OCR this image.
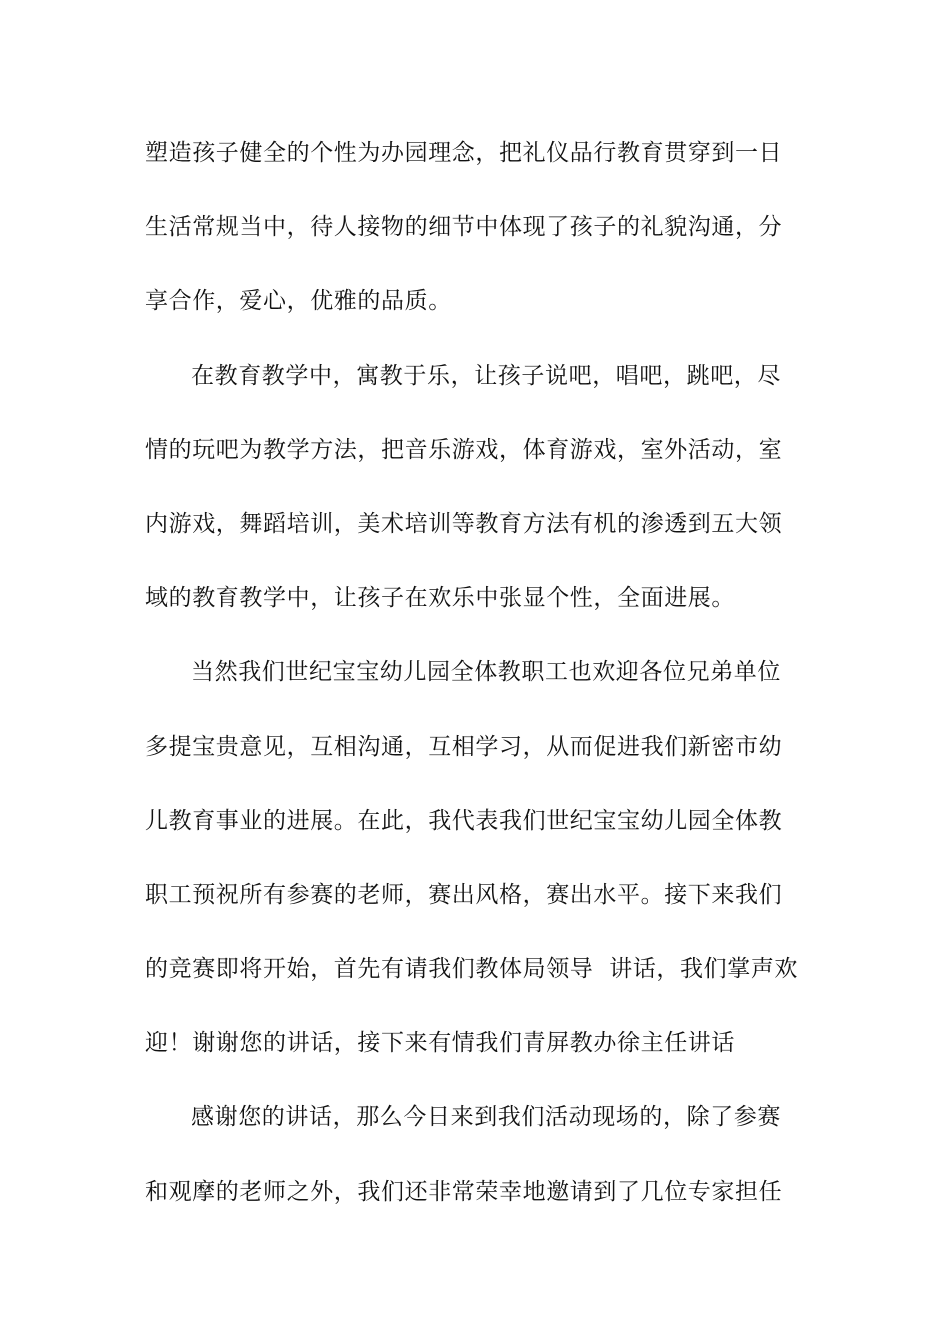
塑造孩子健全的个性为办园理念，把礼仪品行教育贯穿到一日
生活常规当中，待人接物的细节中体现了孩子的礼貌沟通，分
享合作，爱心，优雅的品质。
在教育教学中，寓教于乐，让孩子说吧，唱吧，跳吧，尽
情的玩吧为教学方法，把音乐游戏，体育游戏，室外活动，室
内游戏，舞蹈培训，美术培训等教育方法有机的渗透到五大领
域的教育教学中，让孩子在欢乐中张显个性，全面进展。
当然我们世纪宝宝幼儿园全体教职工也欢迎各位兄弟单位
多提宝贵意见，互相沟通，互相学习，从而促进我们新密市幼
儿教育事业的进展。在此，我代表我们世纪宝宝幼儿园全体教
职工预祝所有参赛的老师，赛出风格，赛出水平。接下来我们
的竞赛即将开始，首先有请我们教体局领导  讲话，我们掌声欢
迎！谢谢您的讲话，接下来有情我们青屏教办徐主任讲话
感谢您的讲话，那么今日来到我们活动现场的，除了参赛
和观摩的老师之外，我们还非常荣幸地邀请到了几位专家担任
